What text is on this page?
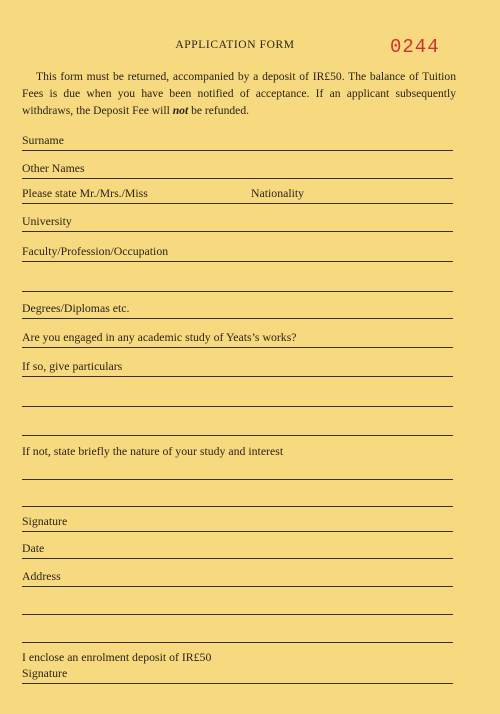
APPLICATION FORM	0244
This form must be returned, accompanied by a deposit of IR£50. The balance of Tuition Fees is due when you have been notified of acceptance. If an applicant subsequently withdraws, the Deposit Fee will not be refunded.
Surname
Other Names
Please state Mr./Mrs./Miss	Nationality
University
Faculty/Profession/Occupation
Degrees/Diplomas etc.
Are you engaged in any academic study of Yeats’s works?
If so, give particulars
If not, state briefly the nature of your study and interest
Signature
Date
Address
I enclose an enrolment deposit of IR£50
Signature
